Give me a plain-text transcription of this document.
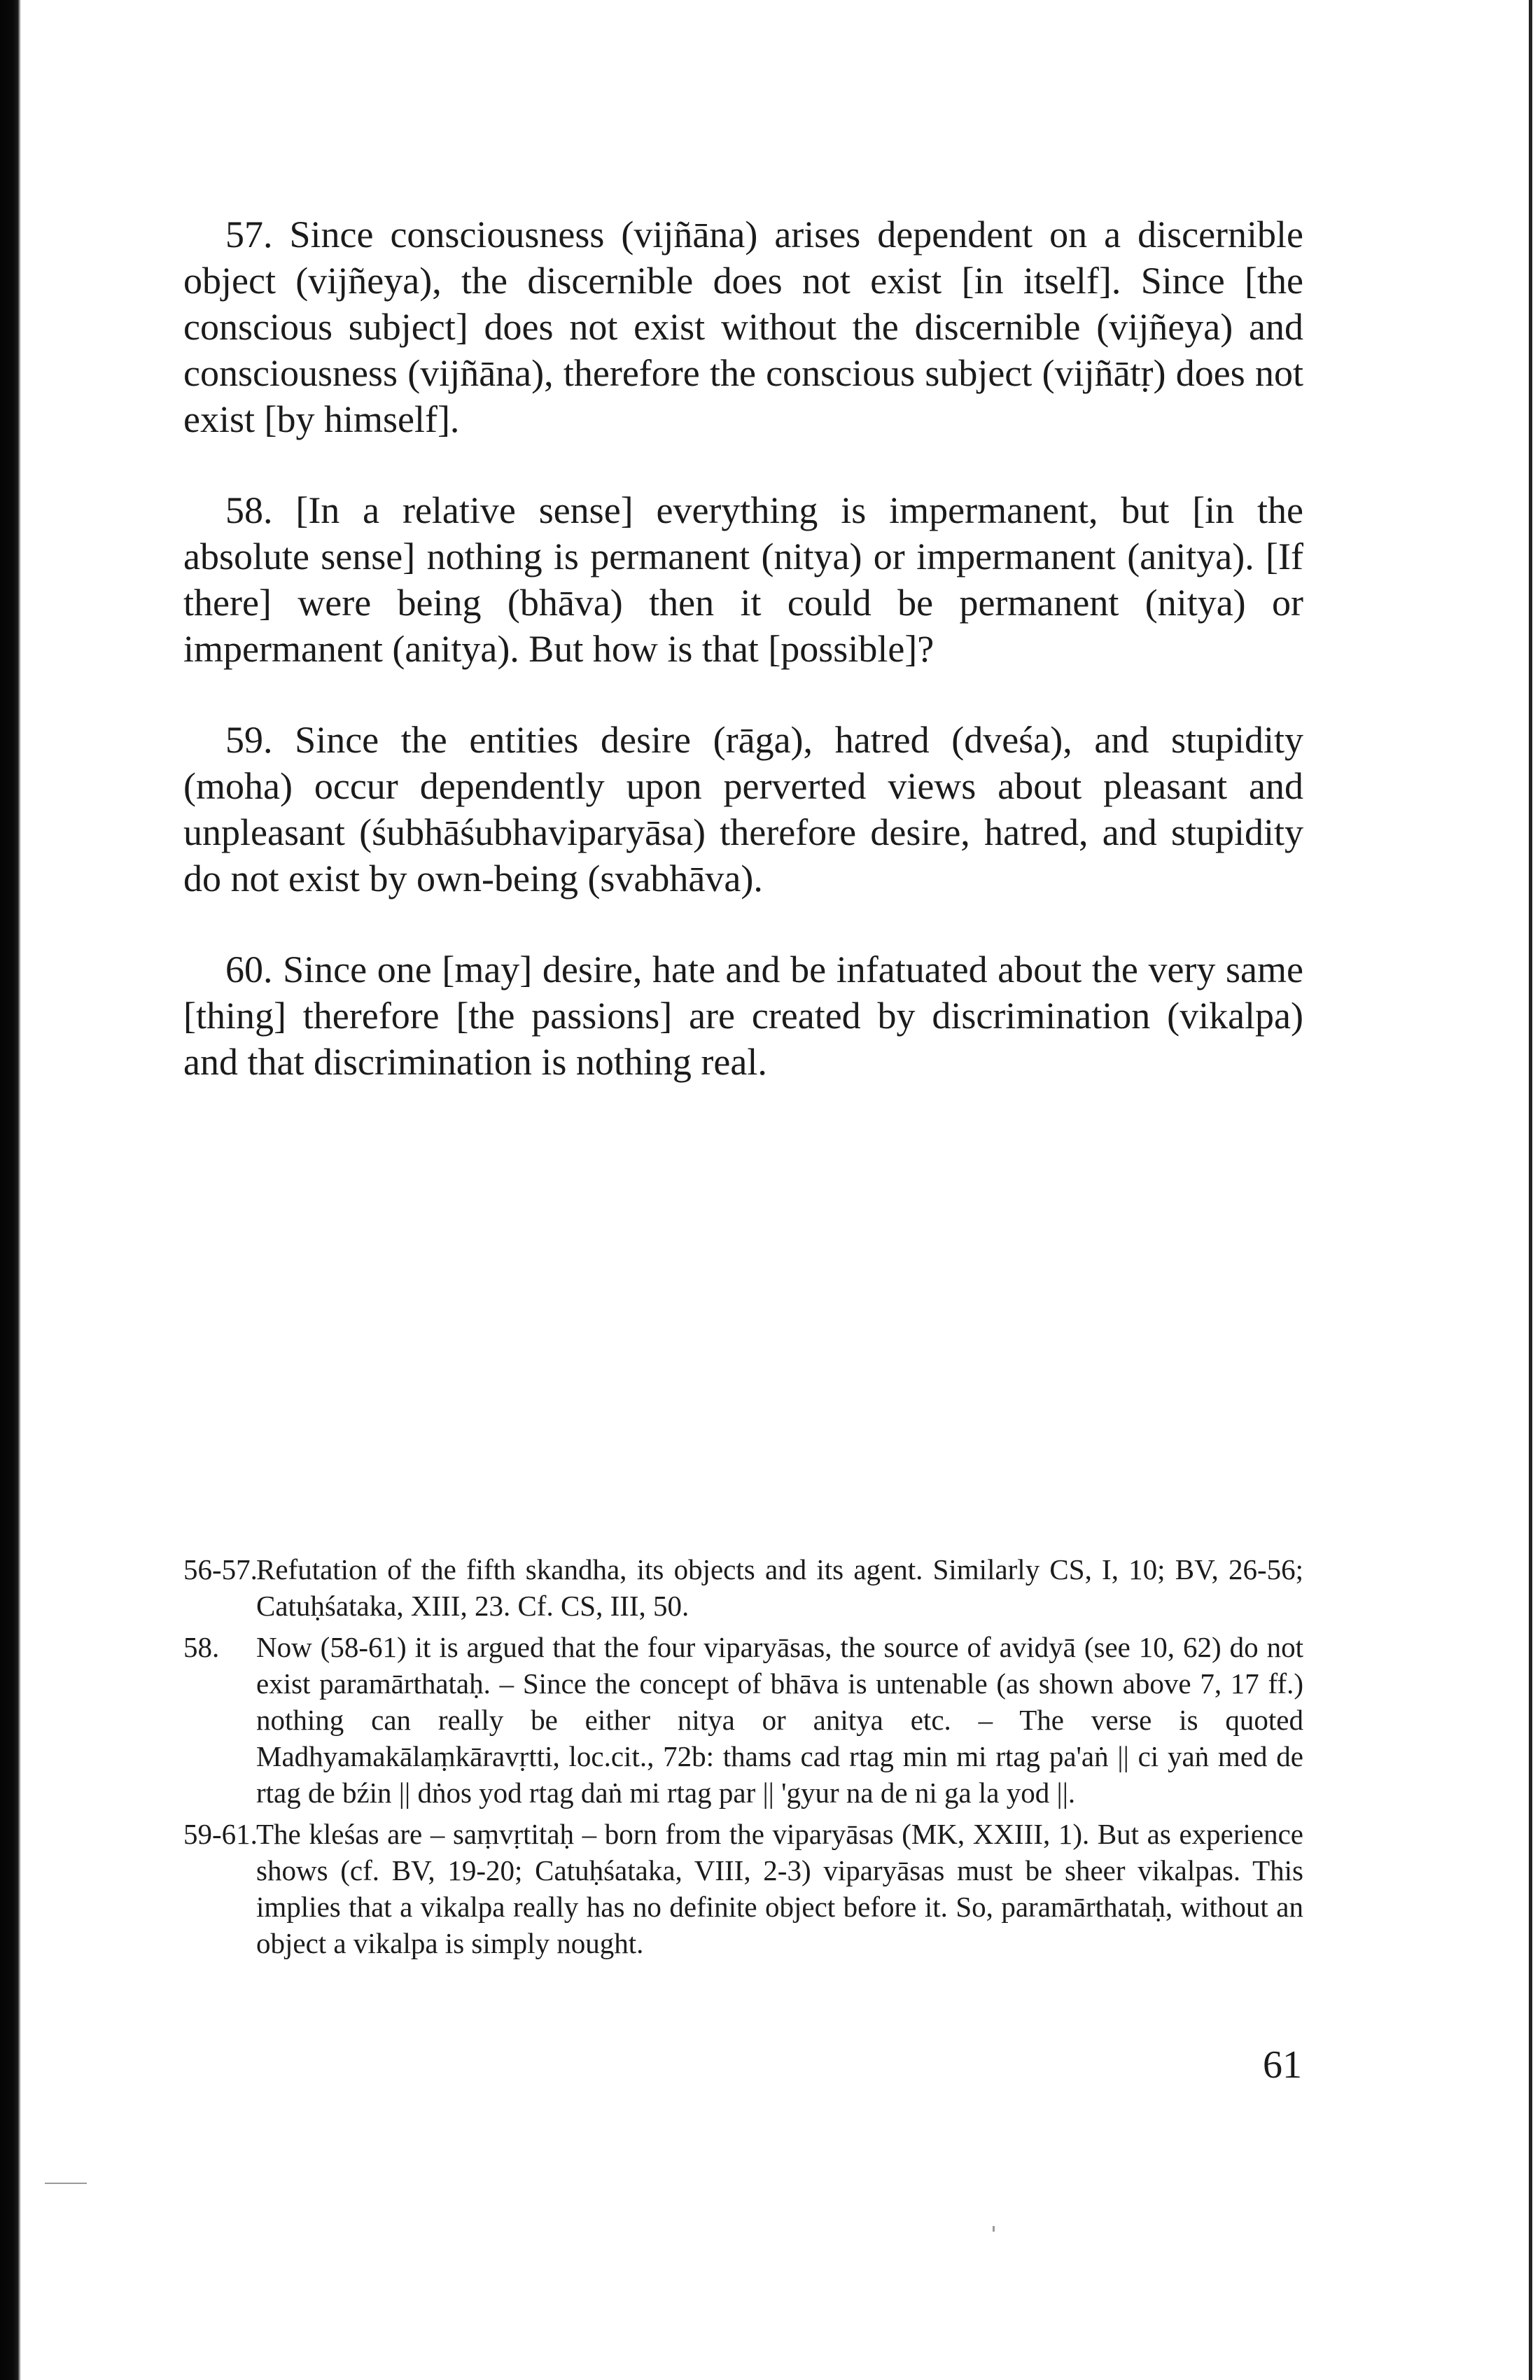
57. Since consciousness (vijñāna) arises dependent on a discernible object (vijñeya), the discernible does not exist [in itself]. Since [the conscious subject] does not exist without the discernible (vijñeya) and consciousness (vijñāna), therefore the conscious subject (vijñātṛ) does not exist [by himself].

58. [In a relative sense] everything is impermanent, but [in the absolute sense] nothing is permanent (nitya) or impermanent (anitya). [If there] were being (bhāva) then it could be permanent (nitya) or impermanent (anitya). But how is that [possible]?

59. Since the entities desire (rāga), hatred (dveśa), and stupidity (moha) occur dependently upon perverted views about pleasant and unpleasant (śubhāśubhaviparyāsa) therefore desire, hatred, and stupidity do not exist by own-being (svabhāva).

60. Since one [may] desire, hate and be infatuated about the very same [thing] therefore [the passions] are created by discrimination (vikalpa) and that discrimination is nothing real.

56-57.
Refutation of the fifth skandha, its objects and its agent. Similarly CS, I, 10; BV, 26-56; Catuḥśataka, XIII, 23. Cf. CS, III, 50.
58. Now (58-61) it is argued that the four viparyāsas, the source of avidyā (see 10, 62) do not exist paramārthataḥ. – Since the concept of bhāva is untenable (as shown above 7, 17 ff.) nothing can really be either nitya or anitya etc. – The verse is quoted Madhyamakālaṃkāravṛtti, loc.cit., 72b: thams cad rtag min mi rtag pa'aṅ || ci yaṅ med de rtag de bźin || dṅos yod rtag daṅ mi rtag par || 'gyur na de ni ga la yod ||.
59-61.
The kleśas are – saṃvṛtitaḥ – born from the viparyāsas (MK, XXIII, 1). But as experience shows (cf. BV, 19-20; Catuḥśataka, VIII, 2-3) viparyāsas must be sheer vikalpas. This implies that a vikalpa really has no definite object before it. So, paramārthataḥ, without an object a vikalpa is simply nought.
61
